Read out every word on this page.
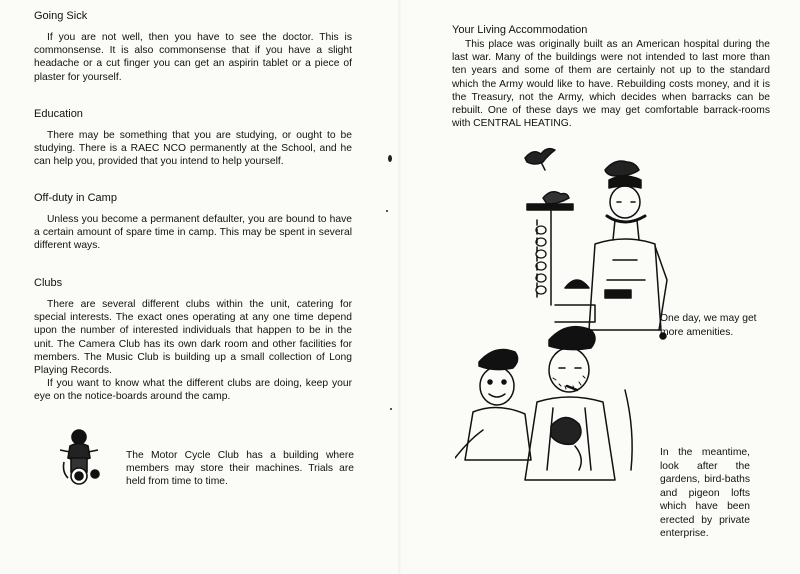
Going Sick

If you are not well, then you have to see the doctor. This is commonsense. It is also commonsense that if you have a slight headache or a cut finger you can get an aspirin tablet or a piece of plaster for yourself.

Education

There may be something that you are studying, or ought to be studying. There is a RAEC NCO permanently at the School, and he can help you, provided that you intend to help yourself.

Off-duty in Camp

Unless you become a permanent defaulter, you are bound to have a certain amount of spare time in camp. This may be spent in several different ways.

Clubs

There are several different clubs within the unit, catering for special interests. The exact ones operating at any one time depend upon the number of interested individuals that happen to be in the unit. The Camera Club has its own dark room and other facilities for members. The Music Club is building up a small collection of Long Playing Records.

If you want to know what the different clubs are doing, keep your eye on the notice-boards around the camp.

The Motor Cycle Club has a building where members may store their machines. Trials are held from time to time.

Your Living Accommodation

This place was originally built as an American hospital during the last war. Many of the buildings were not intended to last more than ten years and some of them are certainly not up to the standard which the Army would like to have. Rebuilding costs money, and it is the Treasury, not the Army, which decides when barracks can be rebuilt. One of these days we may get comfortable barrack-rooms with CENTRAL HEATING.

One day, we may get more amenities.

In the meantime, look after the gardens, bird-baths and pigeon lofts which have been erected by private enterprise.
